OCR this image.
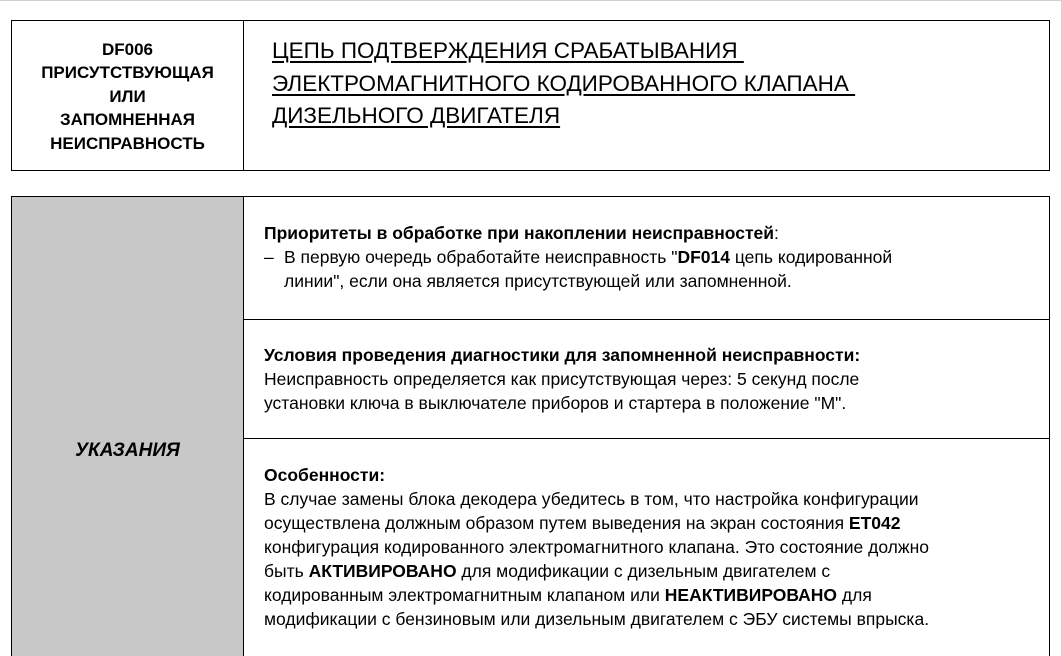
DF006
ПРИСУТСТВУЮЩАЯ
ИЛИ
ЗАПОМНЕННАЯ
НЕИСПРАВНОСТЬ
ЦЕПЬ ПОДТВЕРЖДЕНИЯ СРАБАТЫВАНИЯ
ЭЛЕКТРОМАГНИТНОГО КОДИРОВАННОГО КЛАПАНА
ДИЗЕЛЬНОГО ДВИГАТЕЛЯ
УКАЗАНИЯ
Приоритеты в обработке при накоплении неисправностей:
– В первую очередь обработайте неисправность "DF014 цепь кодированной
линии", если она является присутствующей или запомненной.
Условия проведения диагностики для запомненной неисправности:
Неисправность определяется как присутствующая через: 5 секунд после
установки ключа в выключателе приборов и стартера в положение "M".
Особенности:
В случае замены блока декодера убедитесь в том, что настройка конфигурации
осуществлена должным образом путем выведения на экран состояния ET042
конфигурация кодированного электромагнитного клапана. Это состояние должно
быть АКТИВИРОВАНО для модификации с дизельным двигателем с
кодированным электромагнитным клапаном или НЕАКТИВИРОВАНО для
модификации с бензиновым или дизельным двигателем с ЭБУ системы впрыска.
